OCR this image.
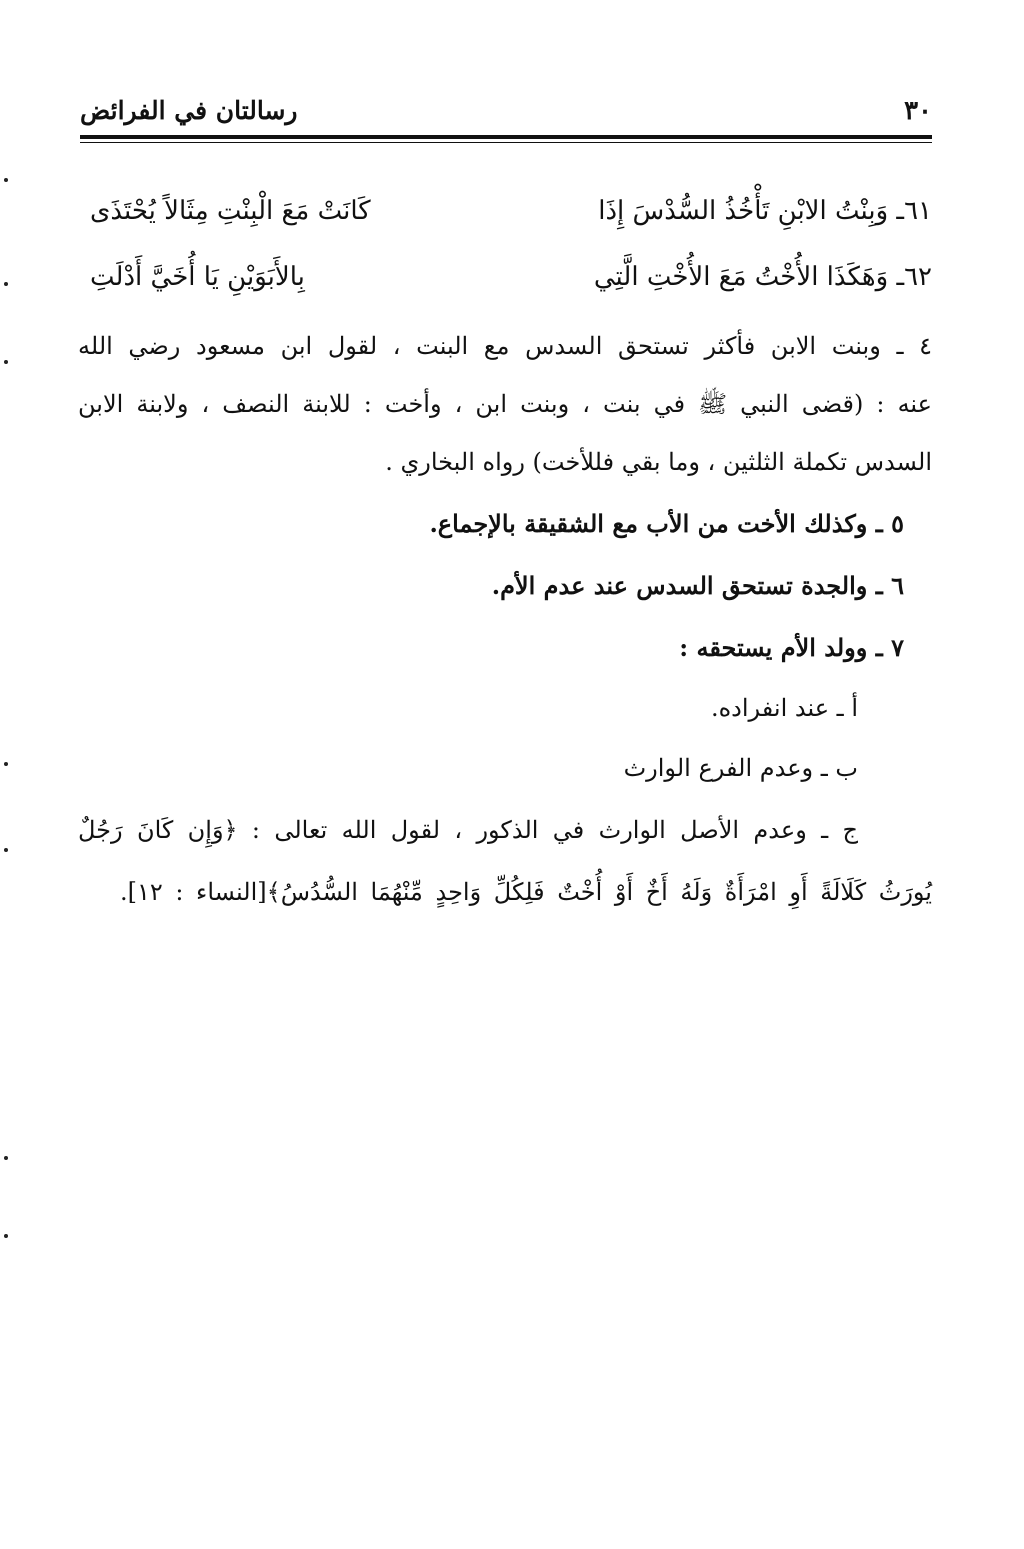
٣٠
رسالتان في الفرائض
٦١ـ وَبِنْتُ الابْنِ تَأْخُذُ السُّدْسَ إِذَا
كَانَتْ مَعَ الْبِنْتِ مِثَالاً يُحْتَذَى
٦٢ـ وَهَكَذَا الأُخْتُ مَعَ الأُخْتِ الَّتِي
بِالأَبَوَيْنِ يَا أُخَيَّ أَدْلَتِ
٤ ـ وبنت الابن فأكثر تستحق السدس مع البنت ، لقول ابن مسعود رضي الله
عنه : (قضى النبي ﷺ في بنت ، وبنت ابن ، وأخت : للابنة النصف ، ولابنة الابن
السدس تكملة الثلثين ، وما بقي فللأخت) رواه البخاري .
٥ ـ وكذلك الأخت من الأب مع الشقيقة بالإجماع.
٦ ـ والجدة تستحق السدس عند عدم الأم.
٧ ـ وولد الأم يستحقه :
أ ـ عند انفراده.
ب ـ وعدم الفرع الوارث
ج ـ وعدم الأصل الوارث في الذكور ، لقول الله تعالى : ﴿وَإِن كَانَ رَجُلٌ
يُورَثُ كَلَالَةً أَوِ امْرَأَةٌ وَلَهُ أَخٌ أَوْ أُخْتٌ فَلِكُلِّ وَاحِدٍ مِّنْهُمَا السُّدُسُ﴾[النساء : ١٢].
